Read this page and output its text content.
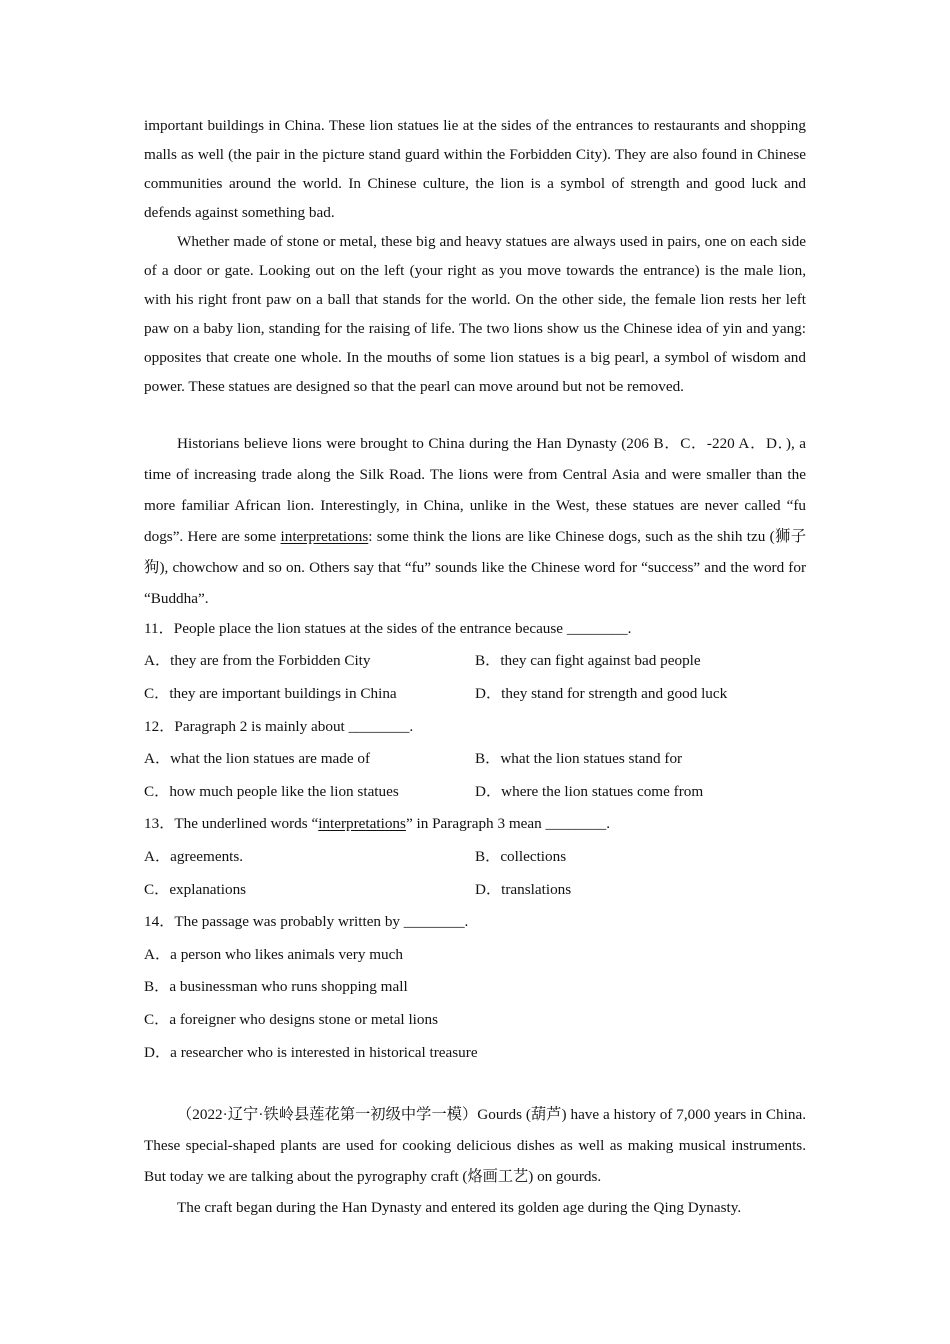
important buildings in China. These lion statues lie at the sides of the entrances to restaurants and shopping malls as well (the pair in the picture stand guard within the Forbidden City). They are also found in Chinese communities around the world. In Chinese culture, the lion is a symbol of strength and good luck and defends against something bad.

Whether made of stone or metal, these big and heavy statues are always used in pairs, one on each side of a door or gate. Looking out on the left (your right as you move towards the entrance) is the male lion, with his right front paw on a ball that stands for the world. On the other side, the female lion rests her left paw on a baby lion, standing for the raising of life. The two lions show us the Chinese idea of yin and yang: opposites that create one whole. In the mouths of some lion statues is a big pearl, a symbol of wisdom and power. These statues are designed so that the pearl can move around but not be removed.

Historians believe lions were brought to China during the Han Dynasty (206 B．C．-220 A．D．), a time of increasing trade along the Silk Road. The lions were from Central Asia and were smaller than the more familiar African lion. Interestingly, in China, unlike in the West, these statues are never called “fu dogs”. Here are some interpretations: some think the lions are like Chinese dogs, such as the shih tzu (狮子狗), chowchow and so on. Others say that “fu” sounds like the Chinese word for “success” and the word for “Buddha”.

11．People place the lion statues at the sides of the entrance because ________.
A．they are from the Forbidden City	B．they can fight against bad people
C．they are important buildings in China	D．they stand for strength and good luck
12．Paragraph 2 is mainly about ________.
A．what the lion statues are made of	B．what the lion statues stand for
C．how much people like the lion statues	D．where the lion statues come from
13．The underlined words “interpretations” in Paragraph 3 mean ________.
A．agreements.	B．collections
C．explanations	D．translations
14．The passage was probably written by ________.
A．a person who likes animals very much
B．a businessman who runs shopping mall
C．a foreigner who designs stone or metal lions
D．a researcher who is interested in historical treasure

（2022·辽宁·铁岭县莲花第一初级中学一模）Gourds (葫芦) have a history of 7,000 years in China. These special-shaped plants are used for cooking delicious dishes as well as making musical instruments. But today we are talking about the pyrography craft (烙画工艺) on gourds.

The craft began during the Han Dynasty and entered its golden age during the Qing Dynasty.
